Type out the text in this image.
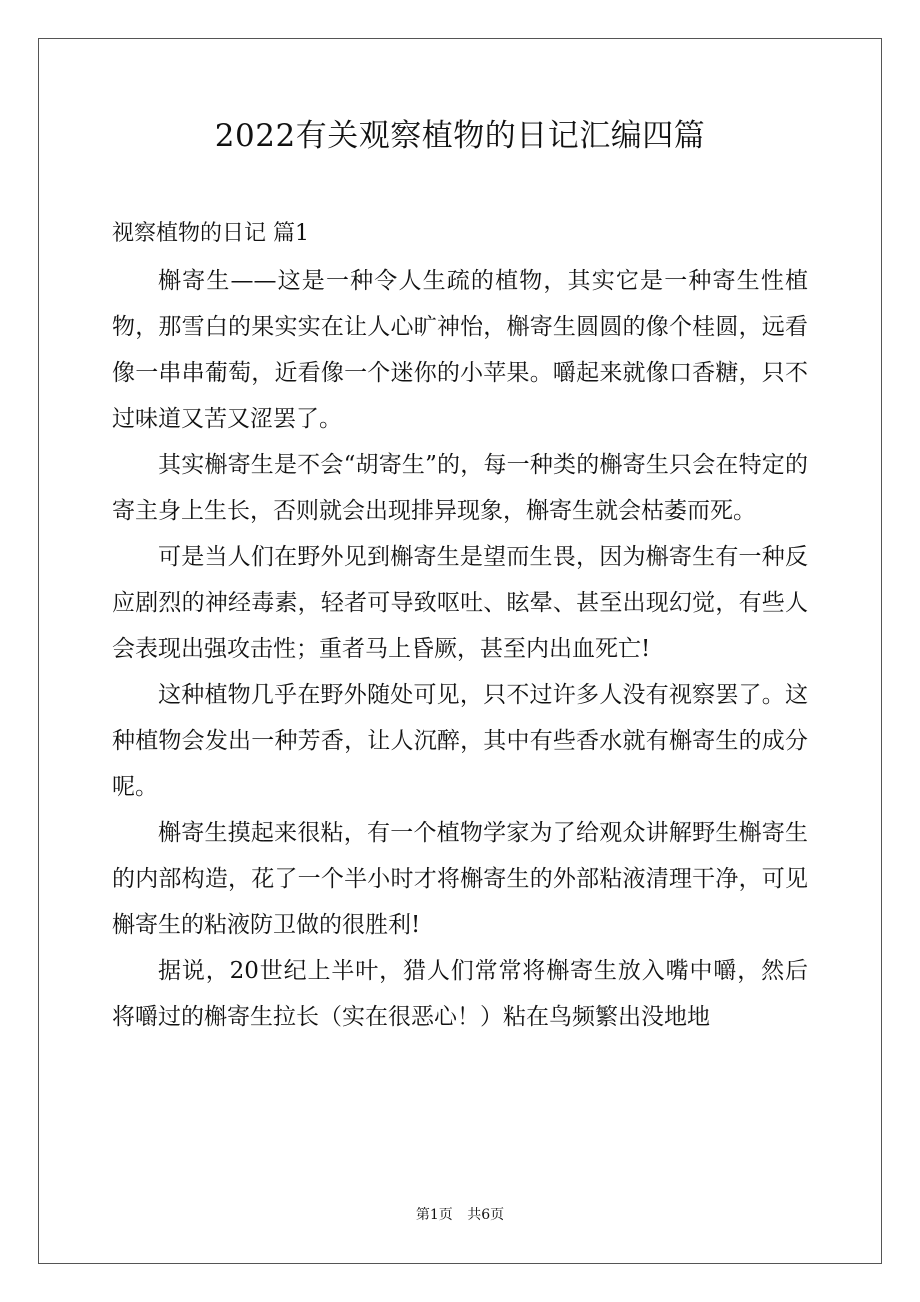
2022有关观察植物的日记汇编四篇
视察植物的日记 篇1

槲寄生——这是一种令人生疏的植物，其实它是一种寄生性植物，那雪白的果实实在让人心旷神怡，槲寄生圆圆的像个桂圆，远看像一串串葡萄，近看像一个迷你的小苹果。嚼起来就像口香糖，只不过味道又苦又涩罢了。

其实槲寄生是不会“胡寄生”的，每一种类的槲寄生只会在特定的寄主身上生长，否则就会出现排异现象，槲寄生就会枯萎而死。

可是当人们在野外见到槲寄生是望而生畏，因为槲寄生有一种反应剧烈的神经毒素，轻者可导致呕吐、眩晕、甚至出现幻觉，有些人会表现出强攻击性；重者马上昏厥，甚至内出血死亡!

这种植物几乎在野外随处可见，只不过许多人没有视察罢了。这种植物会发出一种芳香，让人沉醉，其中有些香水就有槲寄生的成分呢。

槲寄生摸起来很粘，有一个植物学家为了给观众讲解野生槲寄生的内部构造，花了一个半小时才将槲寄生的外部粘液清理干净，可见槲寄生的粘液防卫做的很胜利!

据说，20世纪上半叶，猎人们常常将槲寄生放入嘴中嚼，然后将嚼过的槲寄生拉长（实在很恶心！）粘在鸟频繁出没地地

第1页 共6页
